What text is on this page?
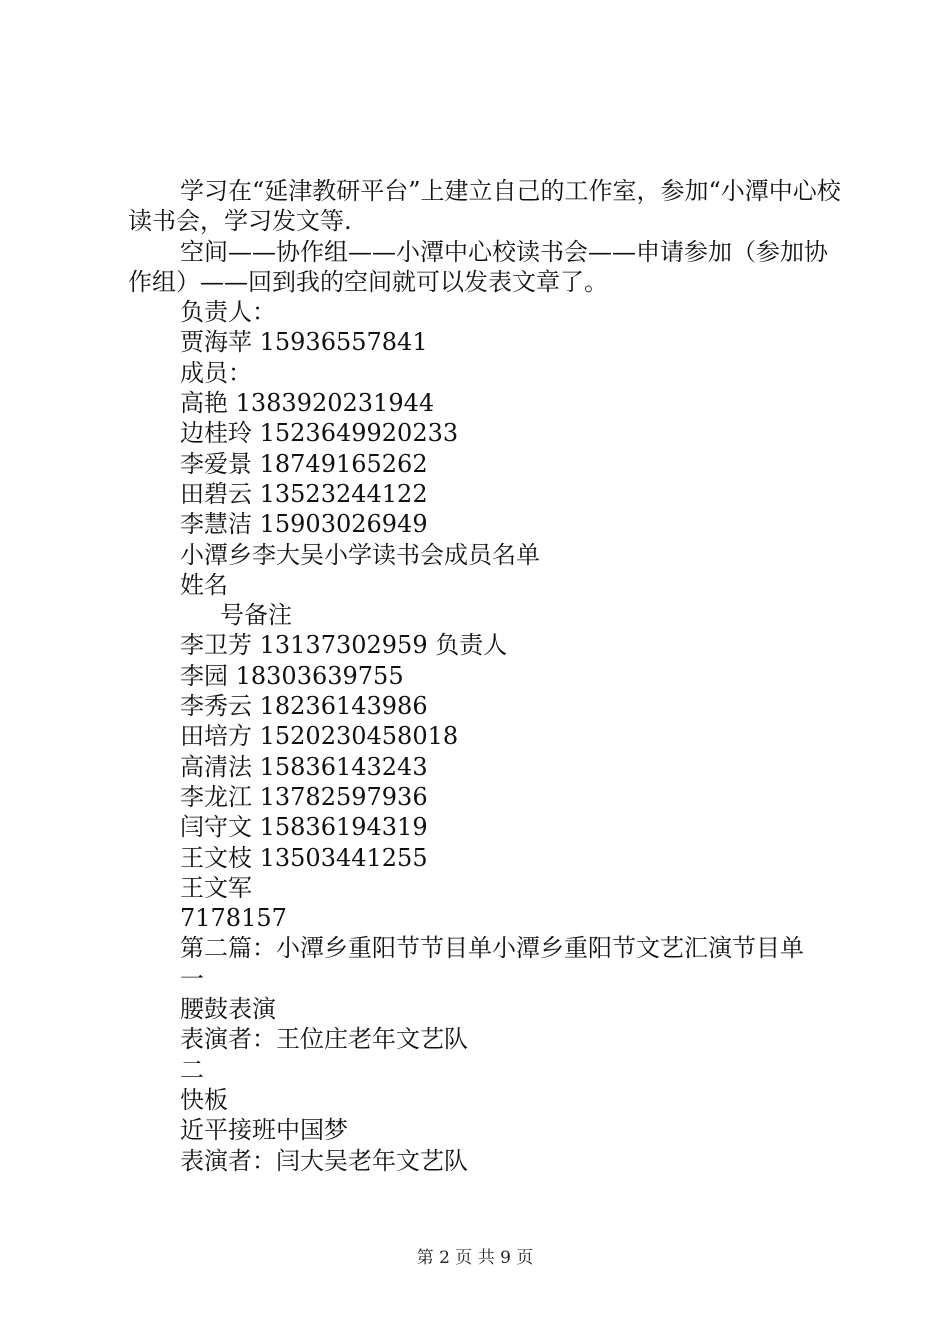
学习在“延津教研平台”上建立自己的工作室，参加“小潭中心校读书会，学习发文等.

空间——协作组——小潭中心校读书会——申请参加（参加协作组）——回到我的空间就可以发表文章了。

负责人：

贾海苹 15936557841

成员：

高艳 1383920231944

边桂玲 1523649920233

李爱景 18749165262

田碧云 13523244122

李慧洁 15903026949

小潭乡李大吴小学读书会成员名单

姓名

号备注

李卫芳 13137302959 负责人

李园 18303639755

李秀云 18236143986

田培方 1520230458018

高清法 15836143243

李龙江 13782597936

闫守文 15836194319

王文枝 13503441255

王文军

7178157

第二篇：小潭乡重阳节节目单小潭乡重阳节文艺汇演节目单

一

腰鼓表演

表演者：王位庄老年文艺队

二

快板

近平接班中国梦

表演者：闫大吴老年文艺队

第 2 页 共 9 页
